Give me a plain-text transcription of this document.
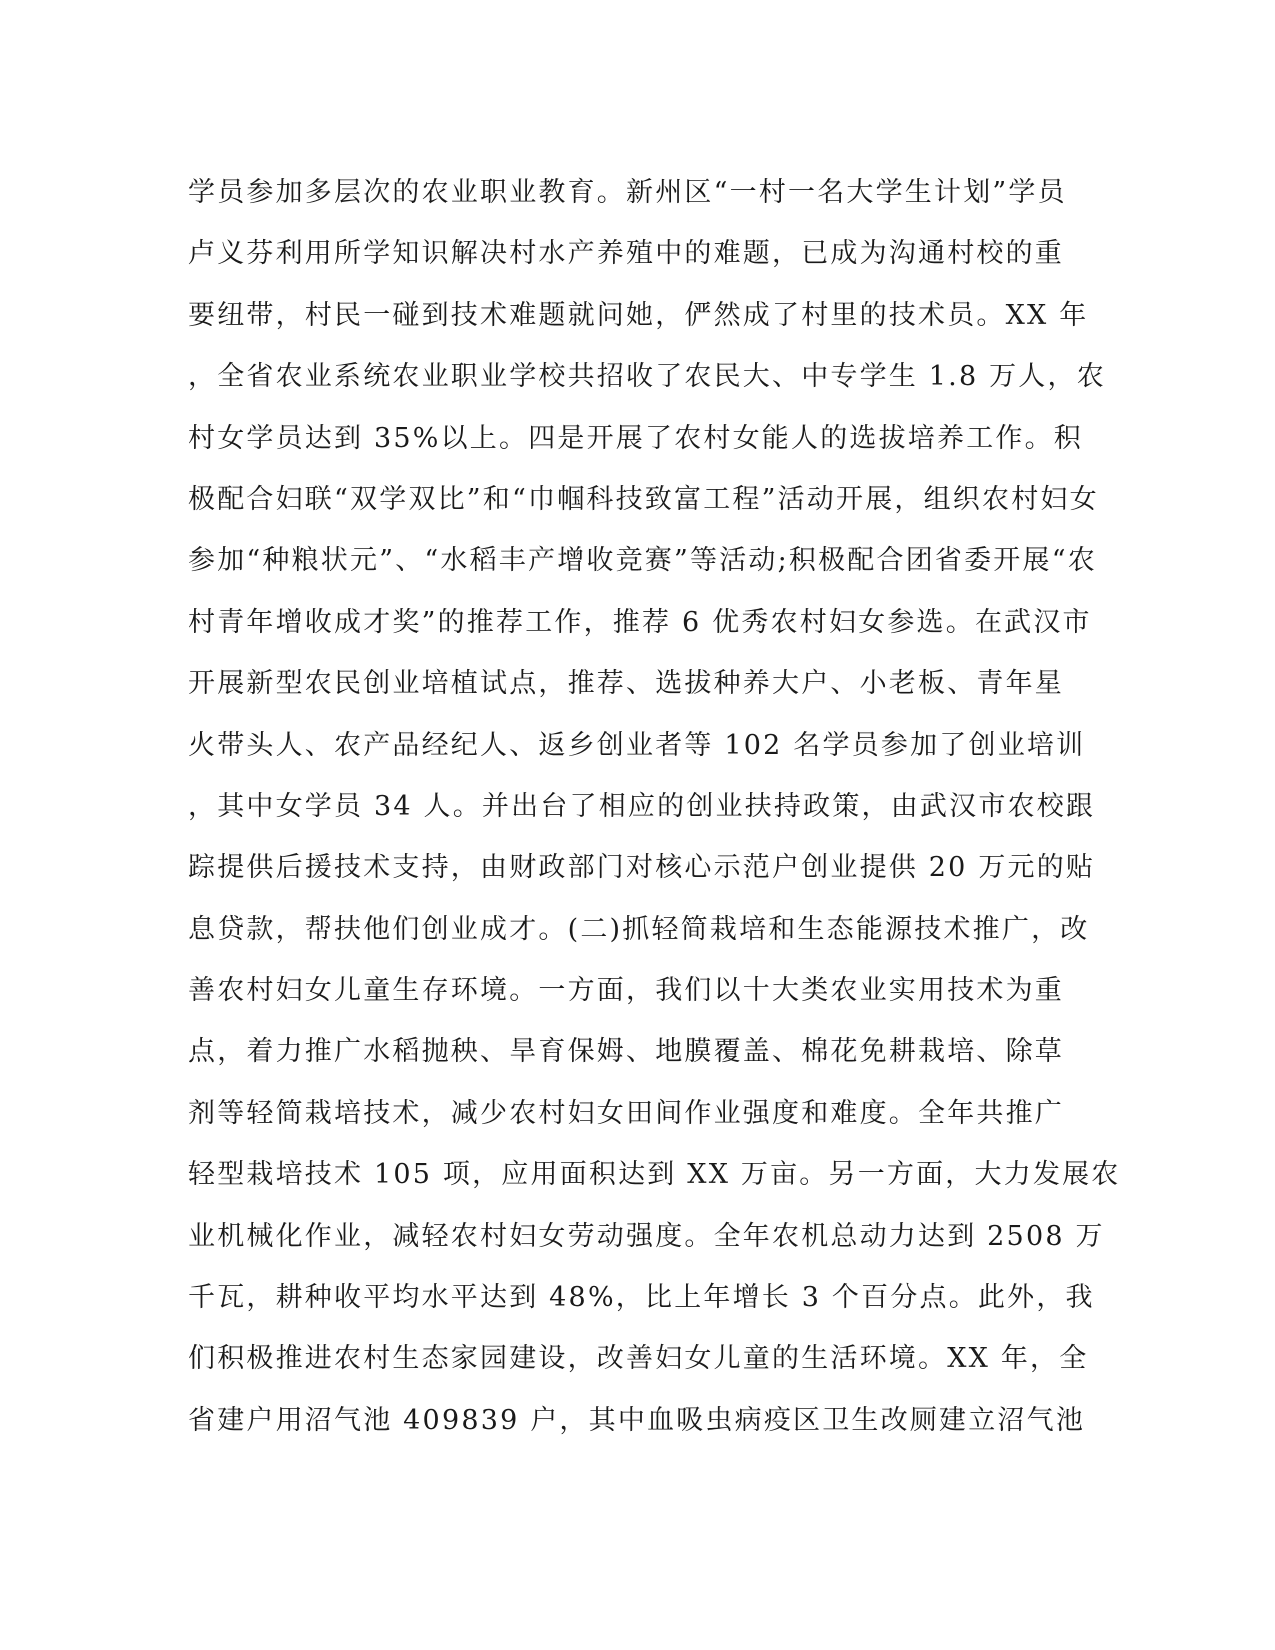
学员参加多层次的农业职业教育。新州区“一村一名大学生计划”学员
卢义芬利用所学知识解决村水产养殖中的难题，已成为沟通村校的重
要纽带，村民一碰到技术难题就问她，俨然成了村里的技术员。XX 年
，全省农业系统农业职业学校共招收了农民大、中专学生 1.8 万人，农
村女学员达到 35%以上。四是开展了农村女能人的选拔培养工作。积
极配合妇联“双学双比”和“巾帼科技致富工程”活动开展，组织农村妇女
参加“种粮状元”、“水稻丰产增收竞赛”等活动;积极配合团省委开展“农
村青年增收成才奖”的推荐工作，推荐 6 优秀农村妇女参选。在武汉市
开展新型农民创业培植试点，推荐、选拔种养大户、小老板、青年星
火带头人、农产品经纪人、返乡创业者等 102 名学员参加了创业培训
，其中女学员 34 人。并出台了相应的创业扶持政策，由武汉市农校跟
踪提供后援技术支持，由财政部门对核心示范户创业提供 20 万元的贴
息贷款，帮扶他们创业成才。(二)抓轻简栽培和生态能源技术推广，改
善农村妇女儿童生存环境。一方面，我们以十大类农业实用技术为重
点，着力推广水稻抛秧、旱育保姆、地膜覆盖、棉花免耕栽培、除草
剂等轻简栽培技术，减少农村妇女田间作业强度和难度。全年共推广
轻型栽培技术 105 项，应用面积达到 XX 万亩。另一方面，大力发展农
业机械化作业，减轻农村妇女劳动强度。全年农机总动力达到 2508 万
千瓦，耕种收平均水平达到 48%，比上年增长 3 个百分点。此外，我
们积极推进农村生态家园建设，改善妇女儿童的生活环境。XX 年，全
省建户用沼气池 409839 户，其中血吸虫病疫区卫生改厕建立沼气池
